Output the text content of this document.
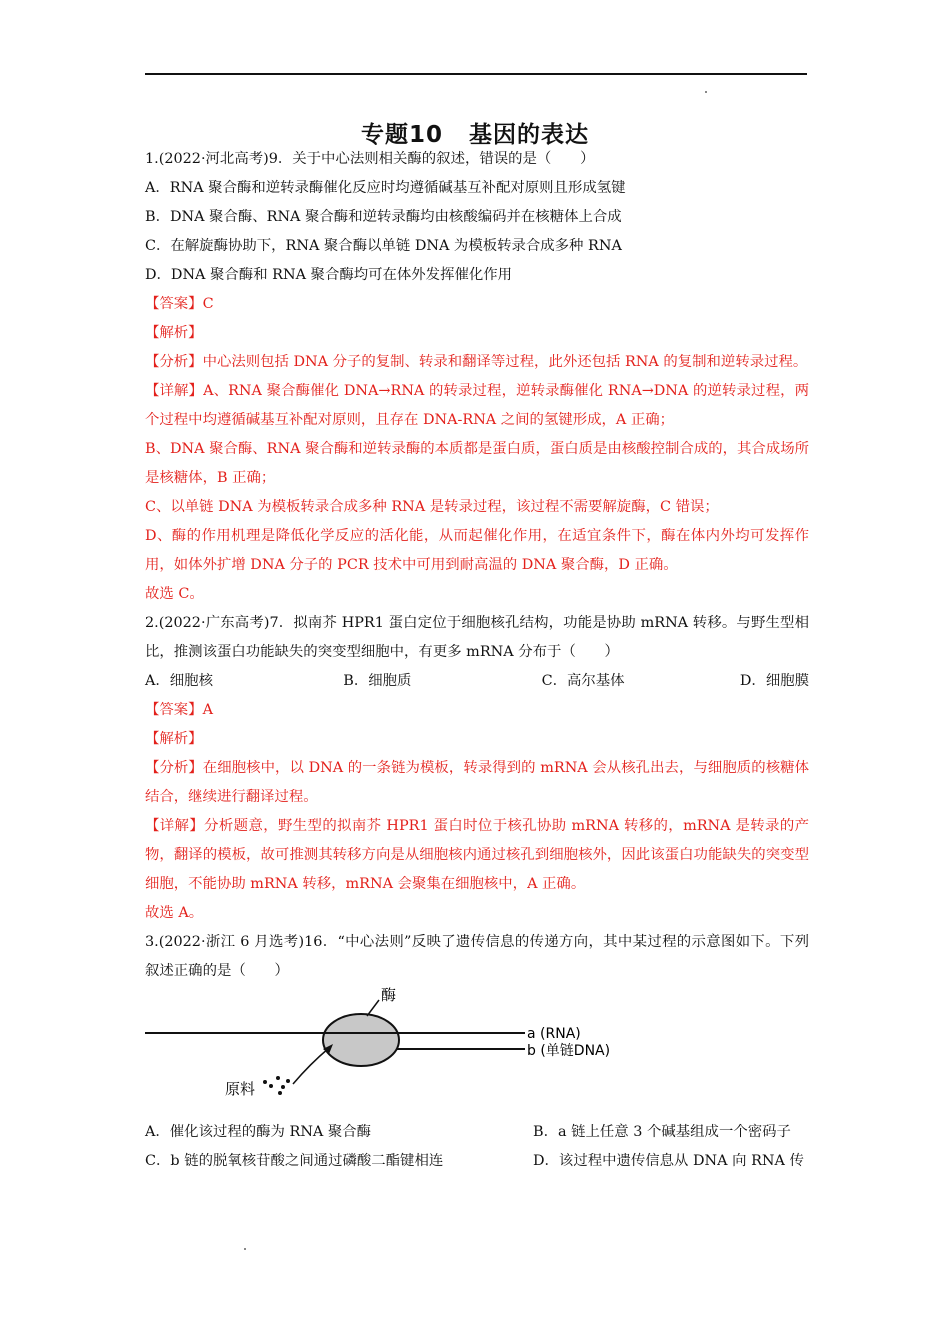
专题10 基因的表达
1.(2022·河北高考)9．关于中心法则相关酶的叙述，错误的是（　　）
A．RNA 聚合酶和逆转录酶催化反应时均遵循碱基互补配对原则且形成氢键
B．DNA 聚合酶、RNA 聚合酶和逆转录酶均由核酸编码并在核糖体上合成
C．在解旋酶协助下，RNA 聚合酶以单链 DNA 为模板转录合成多种 RNA
D．DNA 聚合酶和 RNA 聚合酶均可在体外发挥催化作用
【答案】C
【解析】
【分析】中心法则包括 DNA 分子的复制、转录和翻译等过程，此外还包括 RNA 的复制和逆转录过程。
【详解】A、RNA 聚合酶催化 DNA→RNA 的转录过程，逆转录酶催化 RNA→DNA 的逆转录过程，两个过程中均遵循碱基互补配对原则，且存在 DNA-RNA 之间的氢键形成，A 正确；
B、DNA 聚合酶、RNA 聚合酶和逆转录酶的本质都是蛋白质，蛋白质是由核酸控制合成的，其合成场所是核糖体，B 正确；
C、以单链 DNA 为模板转录合成多种 RNA 是转录过程，该过程不需要解旋酶，C 错误；
D、酶的作用机理是降低化学反应的活化能，从而起催化作用，在适宜条件下，酶在体内外均可发挥作用，如体外扩增 DNA 分子的 PCR 技术中可用到耐高温的 DNA 聚合酶，D 正确。
故选 C。
2.(2022·广东高考)7．拟南芥 HPR1 蛋白定位于细胞核孔结构，功能是协助 mRNA 转移。与野生型相比，推测该蛋白功能缺失的突变型细胞中，有更多 mRNA 分布于（　　）
A．细胞核	B．细胞质	C．高尔基体	D．细胞膜
【答案】A
【解析】
【分析】在细胞核中，以 DNA 的一条链为模板，转录得到的 mRNA 会从核孔出去，与细胞质的核糖体结合，继续进行翻译过程。
【详解】分析题意，野生型的拟南芥 HPR1 蛋白时位于核孔协助 mRNA 转移的，mRNA 是转录的产物，翻译的模板，故可推测其转移方向是从细胞核内通过核孔到细胞核外，因此该蛋白功能缺失的突变型细胞，不能协助 mRNA 转移，mRNA 会聚集在细胞核中，A 正确。
故选 A。
3.(2022·浙江 6 月选考)16．“中心法则”反映了遗传信息的传递方向，其中某过程的示意图如下。下列叙述正确的是（　　）
酶
a (RNA)
b (单链DNA)
原料
A．催化该过程的酶为 RNA 聚合酶	B．a 链上任意 3 个碱基组成一个密码子
C．b 链的脱氧核苷酸之间通过磷酸二酯键相连	D．该过程中遗传信息从 DNA 向 RNA 传
